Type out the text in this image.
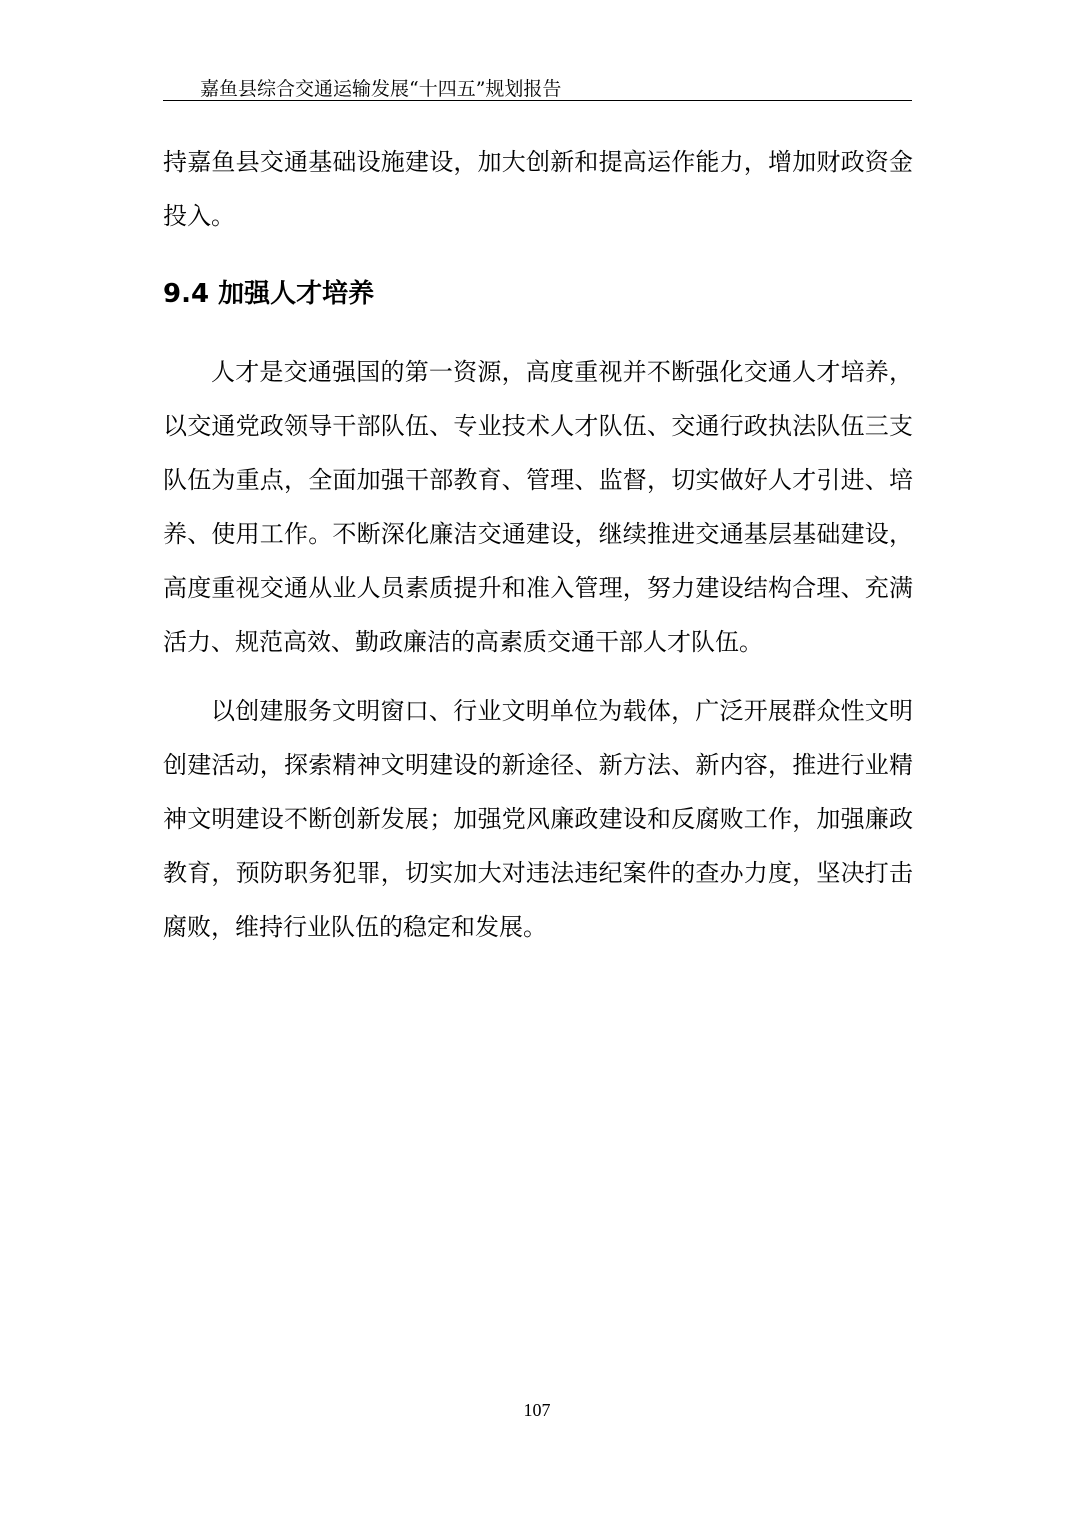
嘉鱼县综合交通运输发展“十四五”规划报告

持嘉鱼县交通基础设施建设，加大创新和提高运作能力，增加财政资金投入。

9.4 加强人才培养

人才是交通强国的第一资源，高度重视并不断强化交通人才培养，以交通党政领导干部队伍、专业技术人才队伍、交通行政执法队伍三支队伍为重点，全面加强干部教育、管理、监督，切实做好人才引进、培养、使用工作。不断深化廉洁交通建设，继续推进交通基层基础建设，高度重视交通从业人员素质提升和准入管理，努力建设结构合理、充满活力、规范高效、勤政廉洁的高素质交通干部人才队伍。

以创建服务文明窗口、行业文明单位为载体，广泛开展群众性文明创建活动，探索精神文明建设的新途径、新方法、新内容，推进行业精神文明建设不断创新发展；加强党风廉政建设和反腐败工作，加强廉政教育，预防职务犯罪，切实加大对违法违纪案件的查办力度，坚决打击腐败，维持行业队伍的稳定和发展。

107
